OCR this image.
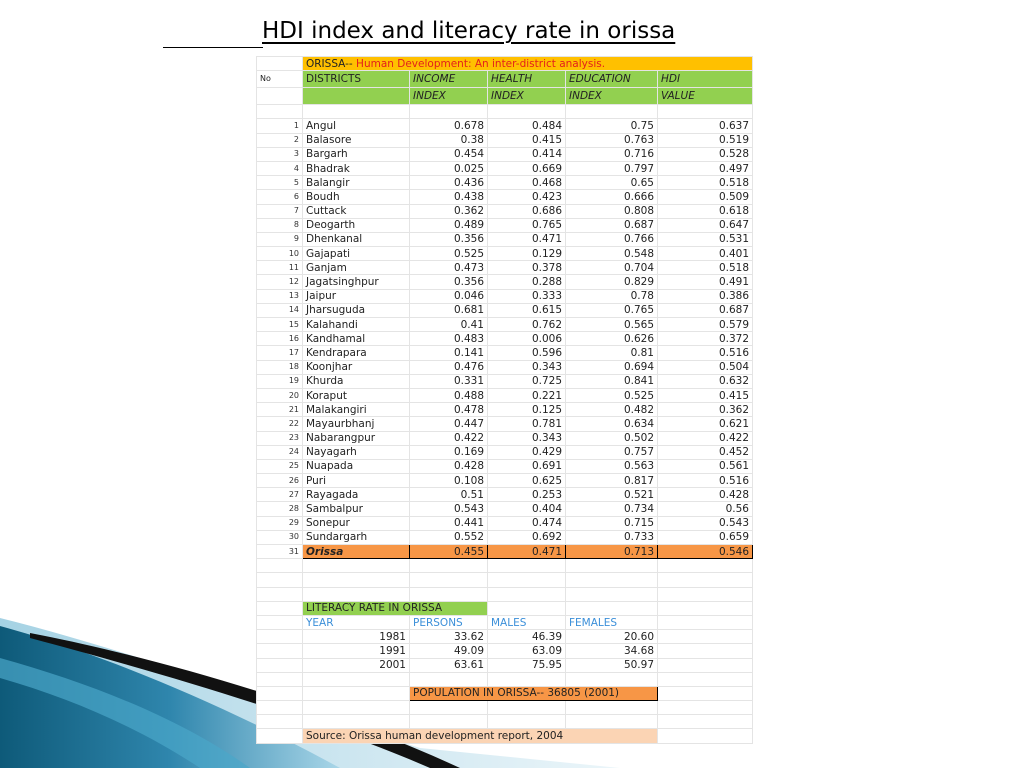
HDI index and literacy rate in orissa
	ORISSA-- Human Development: An inter-district analysis.				
No	DISTRICTS	INCOME	HEALTH	EDUCATION	HDI
		INDEX	INDEX	INDEX	VALUE

1	Angul	0.678	0.484	0.75	0.637
2	Balasore	0.38	0.415	0.763	0.519
3	Bargarh	0.454	0.414	0.716	0.528
4	Bhadrak	0.025	0.669	0.797	0.497
5	Balangir	0.436	0.468	0.65	0.518
6	Boudh	0.438	0.423	0.666	0.509
7	Cuttack	0.362	0.686	0.808	0.618
8	Deogarth	0.489	0.765	0.687	0.647
9	Dhenkanal	0.356	0.471	0.766	0.531
10	Gajapati	0.525	0.129	0.548	0.401
11	Ganjam	0.473	0.378	0.704	0.518
12	Jagatsinghpur	0.356	0.288	0.829	0.491
13	Jaipur	0.046	0.333	0.78	0.386
14	Jharsuguda	0.681	0.615	0.765	0.687
15	Kalahandi	0.41	0.762	0.565	0.579
16	Kandhamal	0.483	0.006	0.626	0.372
17	Kendrapara	0.141	0.596	0.81	0.516
18	Koonjhar	0.476	0.343	0.694	0.504
19	Khurda	0.331	0.725	0.841	0.632
20	Koraput	0.488	0.221	0.525	0.415
21	Malakangiri	0.478	0.125	0.482	0.362
22	Mayaurbhanj	0.447	0.781	0.634	0.621
23	Nabarangpur	0.422	0.343	0.502	0.422
24	Nayagarh	0.169	0.429	0.757	0.452
25	Nuapada	0.428	0.691	0.563	0.561
26	Puri	0.108	0.625	0.817	0.516
27	Rayagada	0.51	0.253	0.521	0.428
28	Sambalpur	0.543	0.404	0.734	0.56
29	Sonepur	0.441	0.474	0.715	0.543
30	Sundargarh	0.552	0.692	0.733	0.659
31	Orissa	0.455	0.471	0.713	0.546

	LITERACY RATE IN ORISSA				
	YEAR	PERSONS	MALES	FEMALES	
	1981	33.62	46.39	20.60	
	1991	49.09	63.09	34.68	
	2001	63.61	75.95	50.97	

		POPULATION IN ORISSA-- 36805 (2001)			

	Source: Orissa human development report, 2004				
